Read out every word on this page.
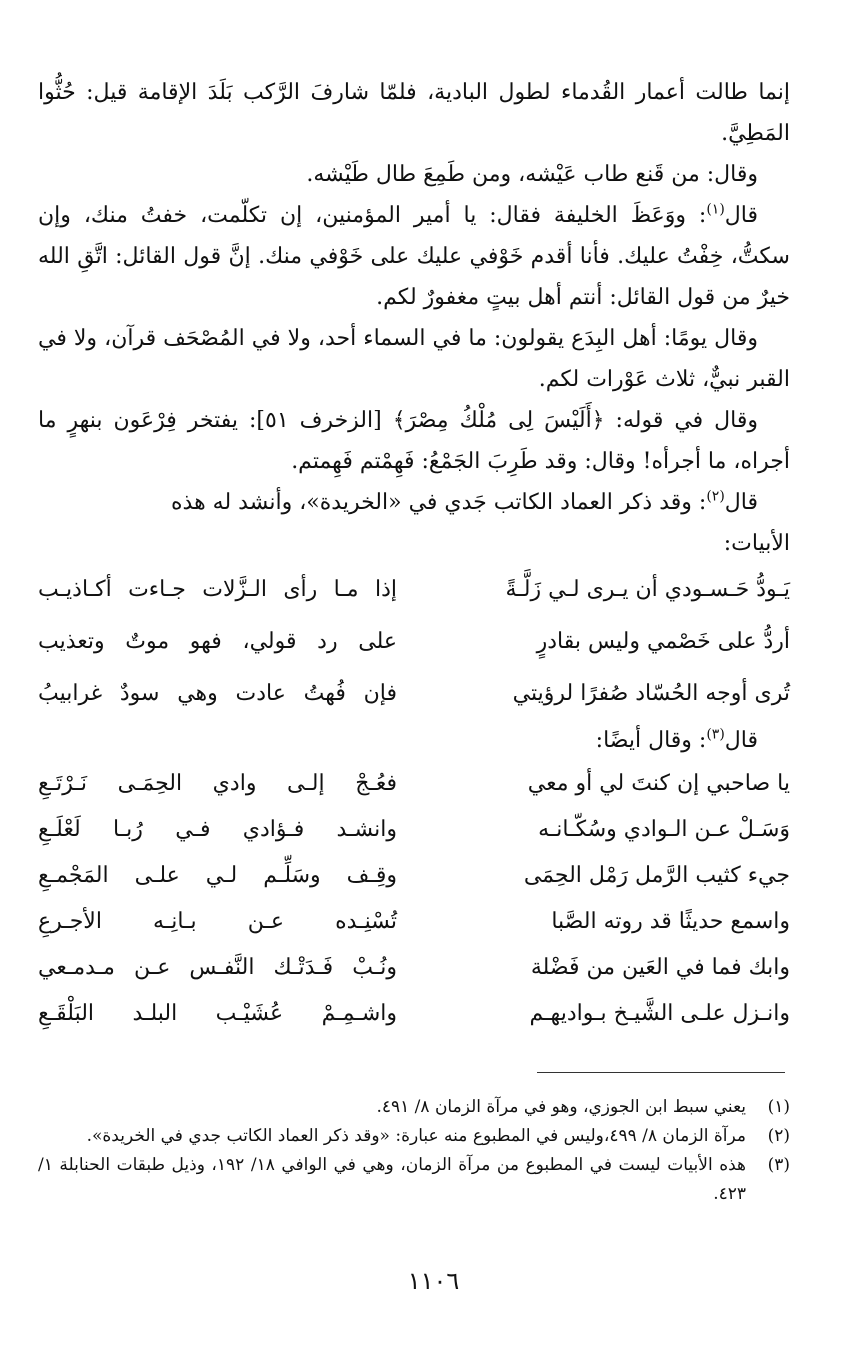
إنما طالت أعمار القُدماء لطول البادية، فلمّا شارفَ الرَّكب بَلَدَ الإقامة قيل: حُثُّوا المَطِيَّ.

وقال: من قَنع طاب عَيْشه، ومن طَمِعَ طال طَيْشه.

قال$^{(١)}$: ووَعَظَ الخليفة فقال: يا أمير المؤمنين، إن تكلّمت، خفتُ منك، وإن سكتُّ، خِفْتُ عليك. فأنا أقدم خَوْفي عليك على خَوْفي منك. إنَّ قول القائل: اتَّقِ الله خيرٌ من قول القائل: أنتم أهل بيتٍ مغفورٌ لكم.

وقال يومًا: أهل البِدَع يقولون: ما في السماء أحد، ولا في المُصْحَف قرآن، ولا في القبر نبيٌّ، ثلاث عَوْرات لكم.

وقال في قوله: ﴿أَلَيْسَ لِى مُلْكُ مِصْرَ﴾ [الزخرف ٥١]: يفتخر فِرْعَون بنهرٍ ما أجراه، ما أجرأه! وقال: وقد طَرِبَ الجَمْعُ: فَهِمْتم فَهِمتم.

قال$^{(٢)}$: وقد ذكر العماد الكاتب جَدي في «الخريدة»، وأنشد له هذه

الأبيات:

يَـودُّ حَـسـودي أن يـرى لـي زَلَّـةً
إذا مـا رأى الـزَّلات جـاءت أكـاذيـب
أردُّ على خَصْمي وليس بقادرٍ
على رد قولي، فهو موتٌ وتعذيب
تُرى أوجه الحُسّاد صُفرًا لرؤيتي
فإن فُهتُ عادت وهي سودٌ غرابيبُ

قال$^{(٣)}$: وقال أيضًا:

يا صاحبي إن كنتَ لي أو معي
فعُـجْ إلـى وادي الحِمَـى نَـرْتَـعِ
وَسَـلْ عـن الـوادي وسُكّـانـه
وانشـد فـؤادي فـي رُبـا لَعْلَـعِ
جيء كثيب الرَّمل رَمْل الحِمَى
وقِـف وسَلِّـم لـي علـى المَجْمـعِ
واسمع حديثًا قد روته الصَّبا
تُسْنِـده عـن بـانِـه الأجـرعِ
وابك فما في العَين من فَضْلة
ونُـبْ فَـدَتْـك النَّفـس عـن مـدمـعي
وانـزل علـى الشَّيـخ بـواديهـم
واشـمِـمْ عُشَيْـب البلـد البَلْقَـعِ
(١)
يعني سبط ابن الجوزي، وهو في مرآة الزمان ٨/ ٤٩١.
(٢)
مرآة الزمان ٨/ ٤٩٩،وليس في المطبوع منه عبارة: «وقد ذكر العماد الكاتب جدي في الخريدة».
(٣)
هذه الأبيات ليست في المطبوع من مرآة الزمان، وهي في الوافي ١٨/ ١٩٢، وذيل طبقات الحنابلة ١/ ٤٢٣.
١١٠٦
